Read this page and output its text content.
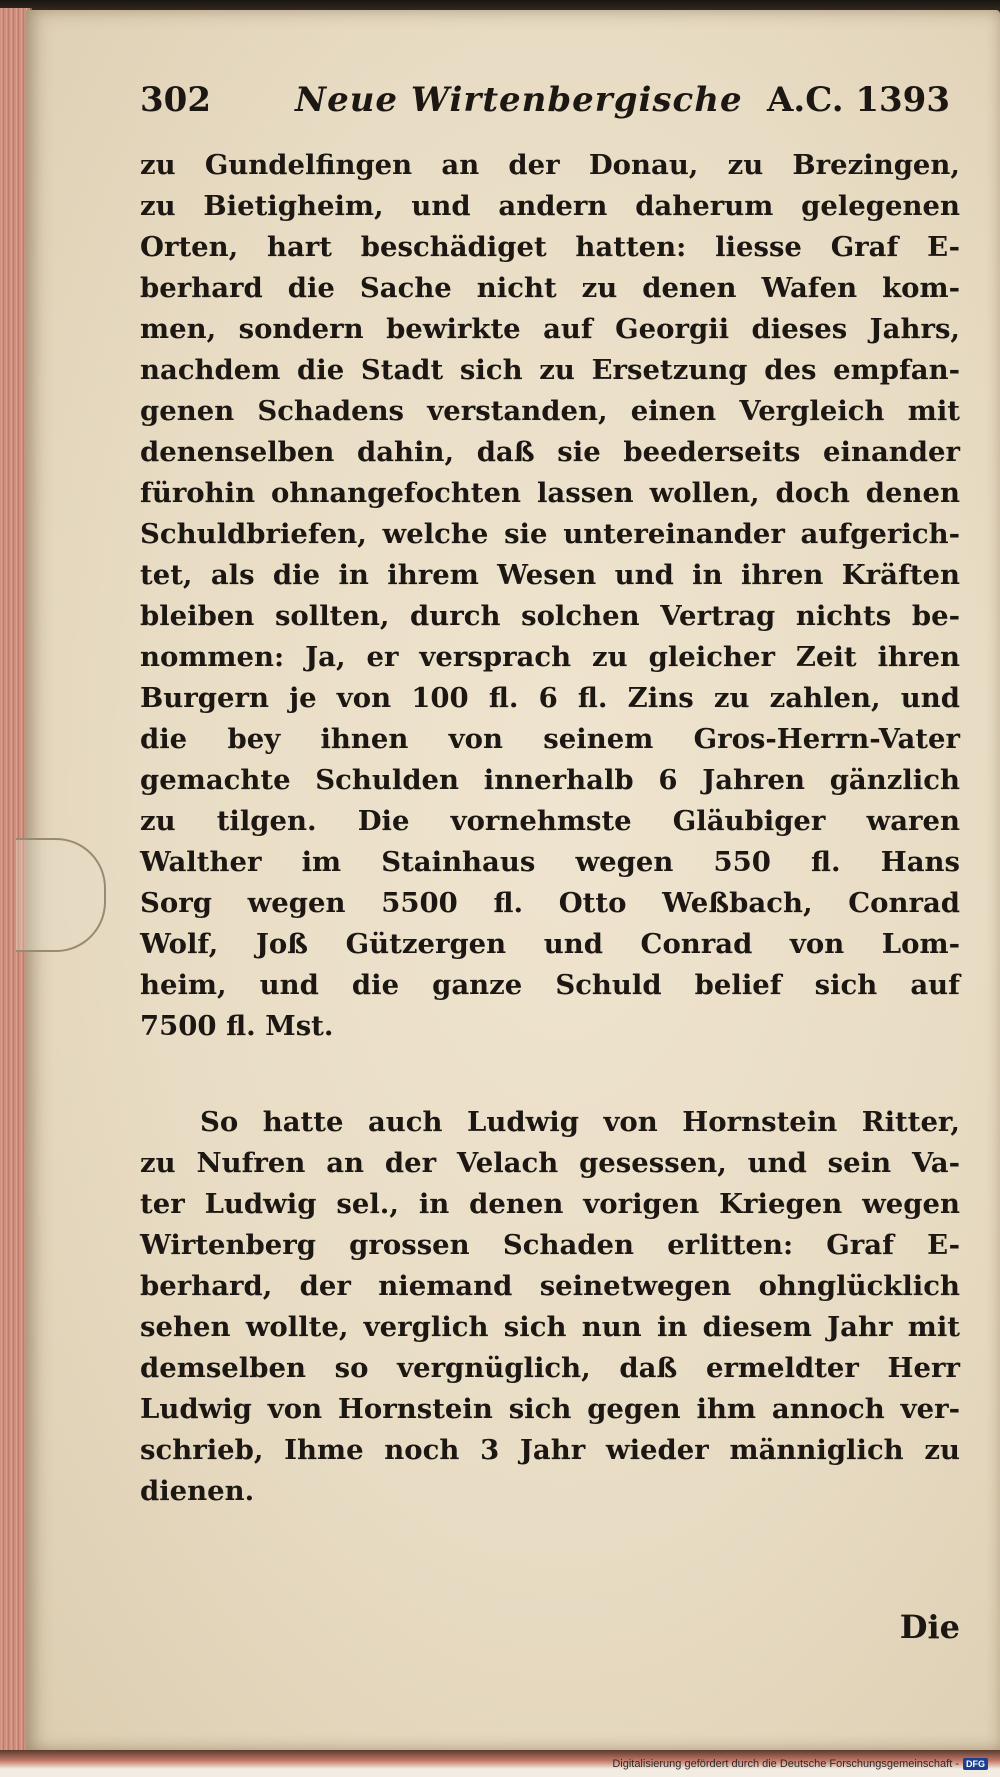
302 Neue Wirtenbergische A.C. 1393
zu Gundelfingen an der Donau, zu Brezingen,
zu Bietigheim, und andern daherum gelegenen
Orten, hart beschädiget hatten: liesse Graf E-
berhard die Sache nicht zu denen Wafen kom-
men, sondern bewirkte auf Georgii dieses Jahrs,
nachdem die Stadt sich zu Ersetzung des empfan-
genen Schadens verstanden, einen Vergleich mit
denenselben dahin, daß sie beederseits einander
fürohin ohnangefochten lassen wollen, doch denen
Schuldbriefen, welche sie untereinander aufgerich-
tet, als die in ihrem Wesen und in ihren Kräften
bleiben sollten, durch solchen Vertrag nichts be-
nommen: Ja, er versprach zu gleicher Zeit ihren
Burgern je von 100 fl. 6 fl. Zins zu zahlen, und
die bey ihnen von seinem Gros-Herrn-Vater
gemachte Schulden innerhalb 6 Jahren gänzlich
zu tilgen. Die vornehmste Gläubiger waren
Walther im Stainhaus wegen 550 fl. Hans
Sorg wegen 5500 fl. Otto Weßbach, Conrad
Wolf, Joß Gützergen und Conrad von Lom-
heim, und die ganze Schuld belief sich auf
7500 fl. Mst.
So hatte auch Ludwig von Hornstein Ritter,
zu Nufren an der Velach gesessen, und sein Va-
ter Ludwig sel., in denen vorigen Kriegen wegen
Wirtenberg grossen Schaden erlitten: Graf E-
berhard, der niemand seinetwegen ohnglücklich
sehen wollte, verglich sich nun in diesem Jahr mit
demselben so vergnüglich, daß ermeldter Herr
Ludwig von Hornstein sich gegen ihm annoch ver-
schrieb, Ihme noch 3 Jahr wieder männiglich zu
dienen.
Die
Digitalisierung gefördert durch die Deutsche Forschungsgemeinschaft - DFG
